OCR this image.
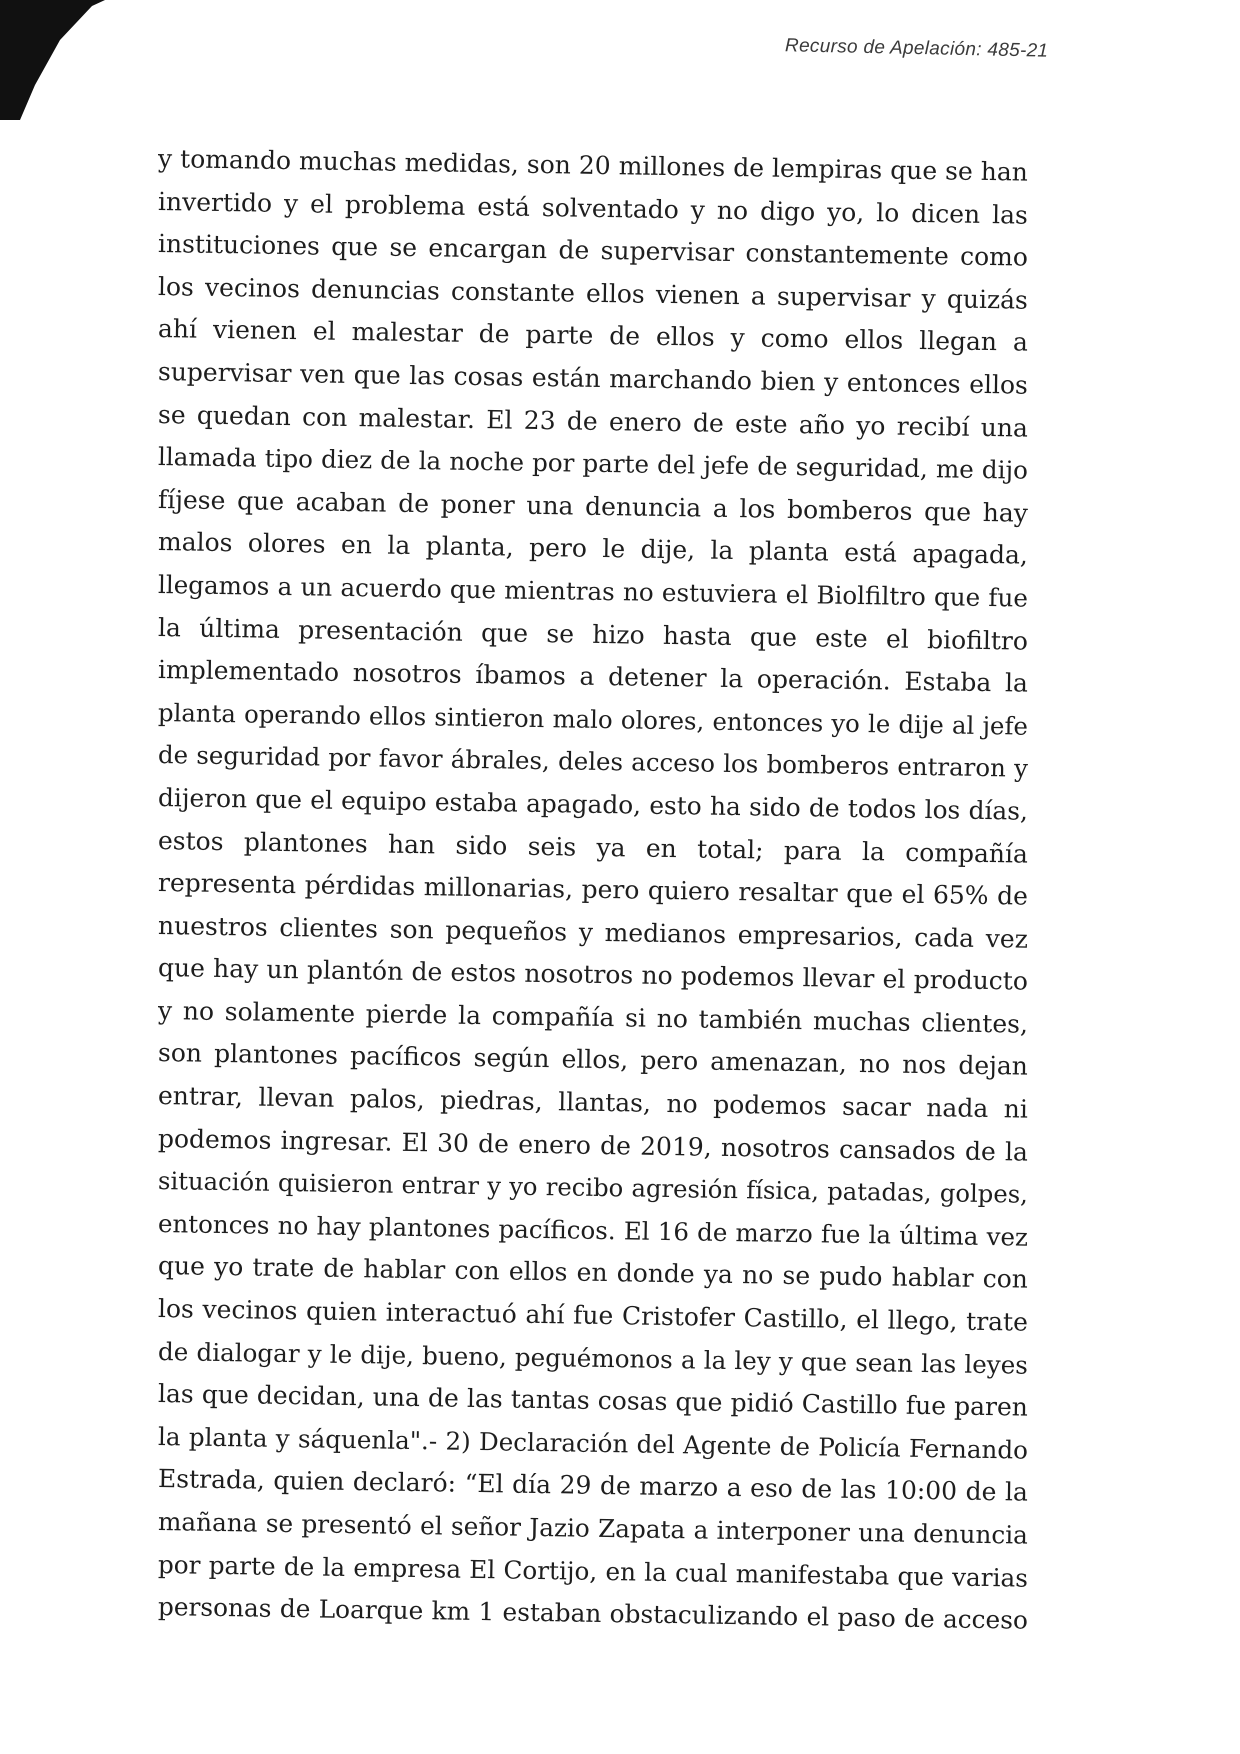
Recurso de Apelación: 485-21
y tomando muchas medidas, son 20 millones de lempiras que se han
invertido y el problema está solventado y no digo yo, lo dicen las
instituciones que se encargan de supervisar constantemente como
los vecinos denuncias constante ellos vienen a supervisar y quizás
ahí vienen el malestar de parte de ellos y como ellos llegan a
supervisar ven que las cosas están marchando bien y entonces ellos
se quedan con malestar. El 23 de enero de este año yo recibí una
llamada tipo diez de la noche por parte del jefe de seguridad, me dijo
fíjese que acaban de poner una denuncia a los bomberos que hay
malos olores en la planta, pero le dije, la planta está apagada,
llegamos a un acuerdo que mientras no estuviera el Biolfiltro que fue
la última presentación que se hizo hasta que este el biofiltro
implementado nosotros íbamos a detener la operación. Estaba la
planta operando ellos sintieron malo olores, entonces yo le dije al jefe
de seguridad por favor ábrales, deles acceso los bomberos entraron y
dijeron que el equipo estaba apagado, esto ha sido de todos los días,
estos plantones han sido seis ya en total; para la compañía
representa pérdidas millonarias, pero quiero resaltar que el 65% de
nuestros clientes son pequeños y medianos empresarios, cada vez
que hay un plantón de estos nosotros no podemos llevar el producto
y no solamente pierde la compañía si no también muchas clientes,
son plantones pacíficos según ellos, pero amenazan, no nos dejan
entrar, llevan palos, piedras, llantas, no podemos sacar nada ni
podemos ingresar. El 30 de enero de 2019, nosotros cansados de la
situación quisieron entrar y yo recibo agresión física, patadas, golpes,
entonces no hay plantones pacíficos. El 16 de marzo fue la última vez
que yo trate de hablar con ellos en donde ya no se pudo hablar con
los vecinos quien interactuó ahí fue Cristofer Castillo, el llego, trate
de dialogar y le dije, bueno, peguémonos a la ley y que sean las leyes
las que decidan, una de las tantas cosas que pidió Castillo fue paren
la planta y sáquenla".- 2) Declaración del Agente de Policía Fernando
Estrada, quien declaró: “El día 29 de marzo a eso de las 10:00 de la
mañana se presentó el señor Jazio Zapata a interponer una denuncia
por parte de la empresa El Cortijo, en la cual manifestaba que varias
personas de Loarque km 1 estaban obstaculizando el paso de acceso
